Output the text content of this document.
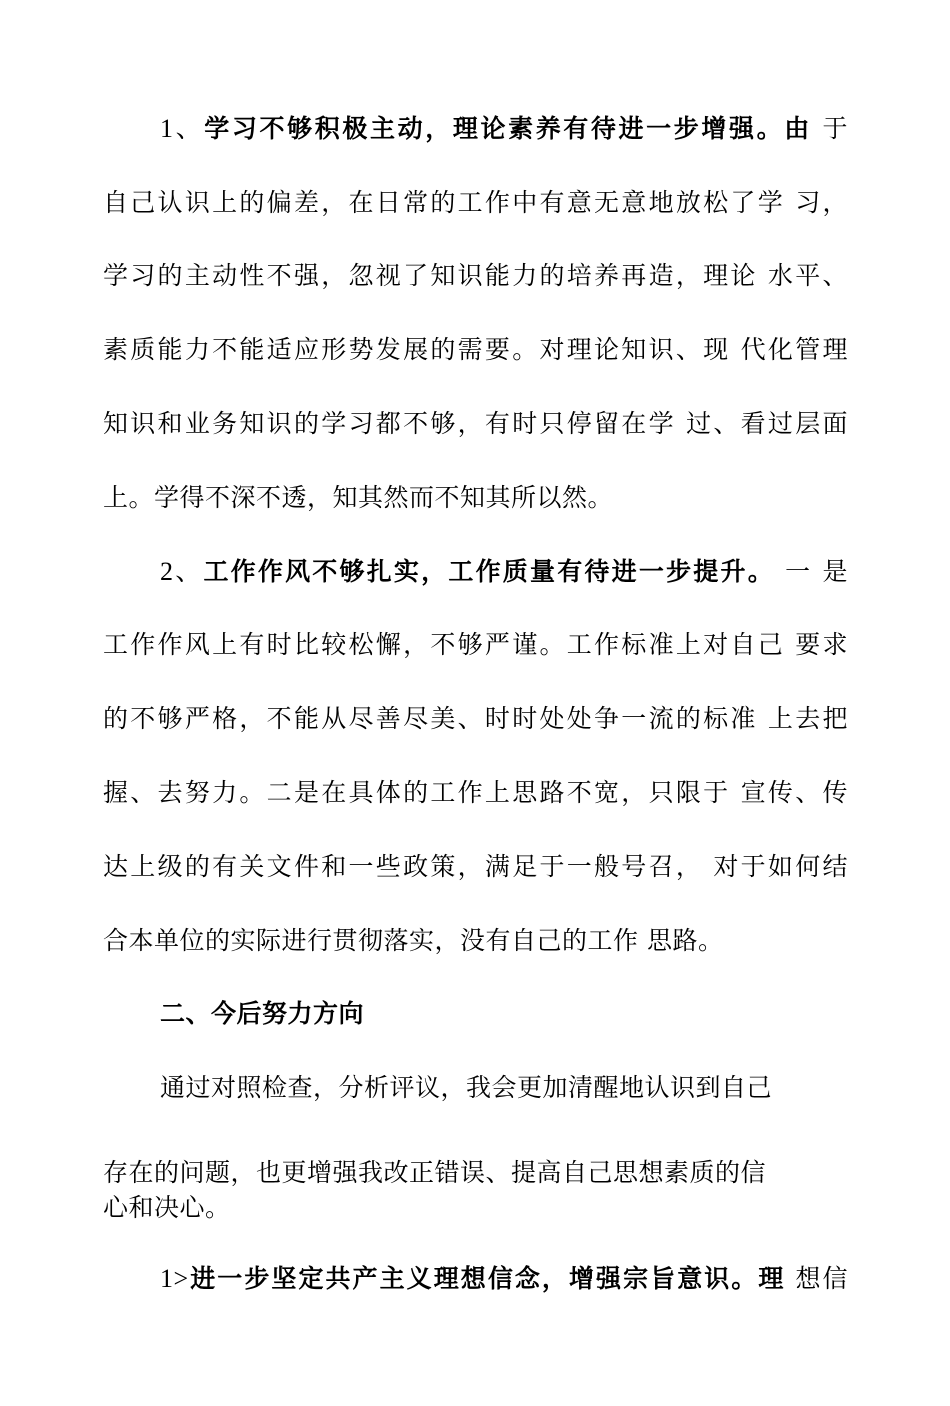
1、学习不够积极主动，理论素养有待进一步增强。由 于
自己认识上的偏差，在日常的工作中有意无意地放松了学 习，
学习的主动性不强，忽视了知识能力的培养再造，理论 水平、
素质能力不能适应形势发展的需要。对理论知识、现 代化管理
知识和业务知识的学习都不够，有时只停留在学 过、看过层面
上。学得不深不透，知其然而不知其所以然。
2、工作作风不够扎实，工作质量有待进一步提升。 一 是
工作作风上有时比较松懈，不够严谨。工作标准上对自己 要求
的不够严格，不能从尽善尽美、时时处处争一流的标准 上去把
握、去努力。二是在具体的工作上思路不宽，只限于 宣传、传
达上级的有关文件和一些政策，满足于一般号召， 对于如何结
合本单位的实际进行贯彻落实，没有自己的工作 思路。
二、今后努力方向
通过对照检查，分析评议，我会更加清醒地认识到自己
存在的问题，也更增强我改正错误、提高自己思想素质的信
心和决心。
1>进一步坚定共产主义理想信念，增强宗旨意识。理 想信
